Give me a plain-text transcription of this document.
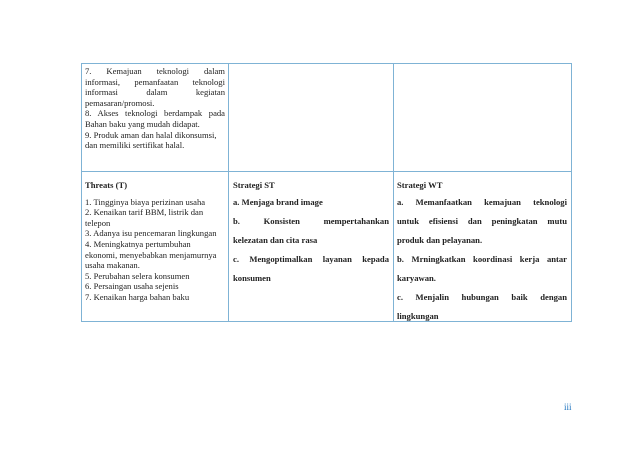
7. Kemajuan teknologi dalam
informasi, pemanfaatan teknologi
informasi dalam kegiatan
pemasaran/promosi.
8. Akses teknologi berdampak pada
Bahan baku yang mudah didapat.
9. Produk aman dan halal dikonsumsi,
dan memiliki sertifikat halal.
Threats (T)
1. Tingginya biaya perizinan usaha
2. Kenaikan tarif BBM, listrik dan
telepon
3. Adanya isu pencemaran lingkungan
4. Meningkatnya pertumbuhan
ekonomi, menyebabkan menjamurnya
usaha makanan.
5. Perubahan selera konsumen
6. Persaingan usaha sejenis
7. Kenaikan harga bahan baku
Strategi ST
a. Menjaga brand image
b. Konsisten mempertahankan
kelezatan dan cita rasa
c. Mengoptimalkan layanan kepada
konsumen
Strategi WT
a. Memanfaatkan kemajuan teknologi
untuk efisiensi dan peningkatan mutu
produk dan pelayanan.
b. Mrningkatkan koordinasi kerja antar
karyawan.
c. Menjalin hubungan baik dengan
lingkungan
iii
